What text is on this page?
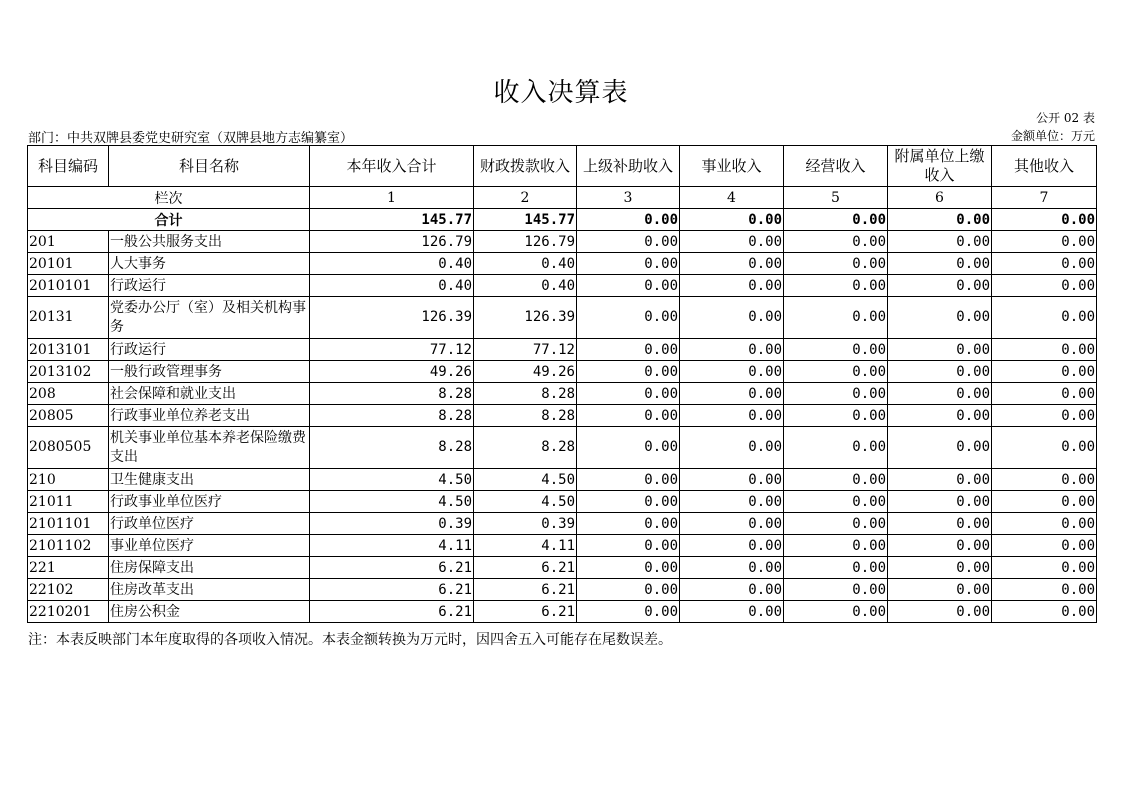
收入决算表
公开 02 表
部门：中共双牌县委党史研究室（双牌县地方志编纂室）	金额单位：万元
科目编码	科目名称	本年收入合计	财政拨款收入	上级补助收入	事业收入	经营收入	附属单位上缴收入	其他收入
栏次		1	2	3	4	5	6	7
合计		145.77	145.77	0.00	0.00	0.00	0.00	0.00
201	一般公共服务支出	126.79	126.79	0.00	0.00	0.00	0.00	0.00
20101	人大事务	0.40	0.40	0.00	0.00	0.00	0.00	0.00
2010101	行政运行	0.40	0.40	0.00	0.00	0.00	0.00	0.00
20131	党委办公厅（室）及相关机构事务	126.39	126.39	0.00	0.00	0.00	0.00	0.00
2013101	行政运行	77.12	77.12	0.00	0.00	0.00	0.00	0.00
2013102	一般行政管理事务	49.26	49.26	0.00	0.00	0.00	0.00	0.00
208	社会保障和就业支出	8.28	8.28	0.00	0.00	0.00	0.00	0.00
20805	行政事业单位养老支出	8.28	8.28	0.00	0.00	0.00	0.00	0.00
2080505	机关事业单位基本养老保险缴费支出	8.28	8.28	0.00	0.00	0.00	0.00	0.00
210	卫生健康支出	4.50	4.50	0.00	0.00	0.00	0.00	0.00
21011	行政事业单位医疗	4.50	4.50	0.00	0.00	0.00	0.00	0.00
2101101	行政单位医疗	0.39	0.39	0.00	0.00	0.00	0.00	0.00
2101102	事业单位医疗	4.11	4.11	0.00	0.00	0.00	0.00	0.00
221	住房保障支出	6.21	6.21	0.00	0.00	0.00	0.00	0.00
22102	住房改革支出	6.21	6.21	0.00	0.00	0.00	0.00	0.00
2210201	住房公积金	6.21	6.21	0.00	0.00	0.00	0.00	0.00
注：本表反映部门本年度取得的各项收入情况。本表金额转换为万元时，因四舍五入可能存在尾数误差。
